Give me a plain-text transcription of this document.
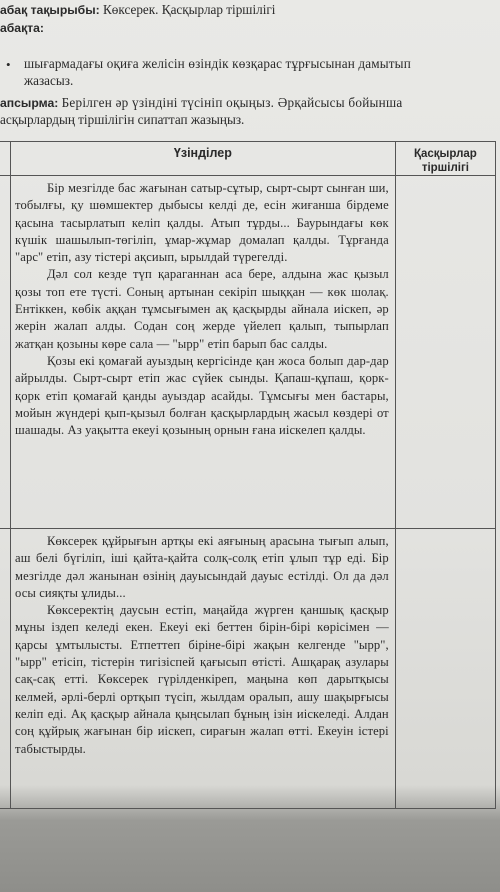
абақ тақырыбы: Көксерек. Қасқырлар тіршілігі
абақта:
• шығармадағы оқиға желісін өзіндік көзқарас тұрғысынан дамытып
жазасыз.
апсырма: Берілген әр үзіндіні түсініп оқыңыз. Әрқайсысы бойынша
асқырлардың тіршілігін сипаттап жазыңыз.
	Үзінділер	Қасқырлар
тіршілігі

	Бір мезгілде бас жағынан сатыр-сұтыр, сырт-сырт сынған ши, тобылғы, қу шөмшектер дыбысы келді де, есін жиғанша бірдеме қасына тасырлатып келіп қалды. Атып тұрды... Баурындағы көк күшік шашылып-төгіліп, ұмар-жұмар домалап қалды. Тұрғанда "арс" етіп, азу тістері ақсиып, ырылдай түрегелді.

Дәл сол кезде түп қараганнан аса бере, алдына жас қызыл қозы топ ете түсті. Соның артынан секіріп шыққан — көк шолақ. Ентіккен, көбік аққан тұмсығымен ақ қасқырды айнала иіскеп, әр жерін жалап алды. Содан соң жерде үйелеп қалып, тыпырлап жатқан қозыны көре сала — "ырр" етіп барып бас салды.

Қозы екі қомағай ауыздың кергісінде қан жоса болып дар-дар айрылды. Сырт-сырт етіп жас сүйек сынды. Қапаш-құпаш, қорк-қорк етіп қомағай қанды ауыздар асайды. Тұмсығы мен бастары, мойын жүндері қып-қызыл болған қасқырлардың жасыл көздері от шашады. Аз уақытта екеуі қозының орнын ғана иіскелеп қалды.	

	Көксерек құйрығын артқы екі аяғының арасына тығып алып, аш белі бүгіліп, іші қайта-қайта солқ-солқ етіп ұлып тұр еді. Бір мезгілде дәл жанынан өзінің дауысындай дауыс естілді. Ол да дәл осы сияқты ұлиды...

Көксеректің даусын естіп, маңайда жүрген қаншық қасқыр мұны іздеп келеді екен. Екеуі екі беттен бірін-бірі көрісімен — қарсы ұмтылысты. Етпеттеп біріне-бірі жақын келгенде "ырр", "ырр" етісіп, тістерін тигізіспей қағысып өтісті. Ашқарақ азулары сақ-сақ етті. Көксерек гүрілденкіреп, маңына көп дарытқысы келмей, әрлі-берлі ортқып түсіп, жылдам оралып, ашу шақырғысы келіп еді. Ақ қасқыр айнала қыңсылап бұның ізін иіскеледі. Алдан соң құйрық жағынан бір иіскеп, сирағын жалап өтті. Екеуін істері табыстырды.	
